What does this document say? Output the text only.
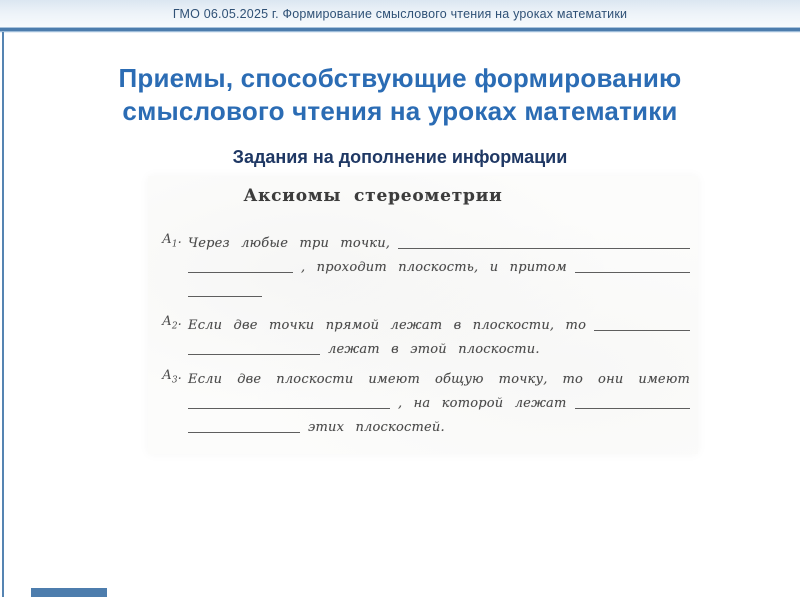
ГМО 06.05.2025 г. Формирование смыслового чтения на уроках математики
Приемы, способствующие формированию
смыслового чтения на уроках математики
Задания на дополнение информации
Аксиомы стереометрии
$А_1$. Через любые три точки,
, проходит плоскость, и притом
$А_2$. Если две точки прямой лежат в плоскости, то
лежат в этой плоскости.
$А_3$. Если две плоскости имеют общую точку, то они имеют
, на которой лежат
этих плоскостей.
